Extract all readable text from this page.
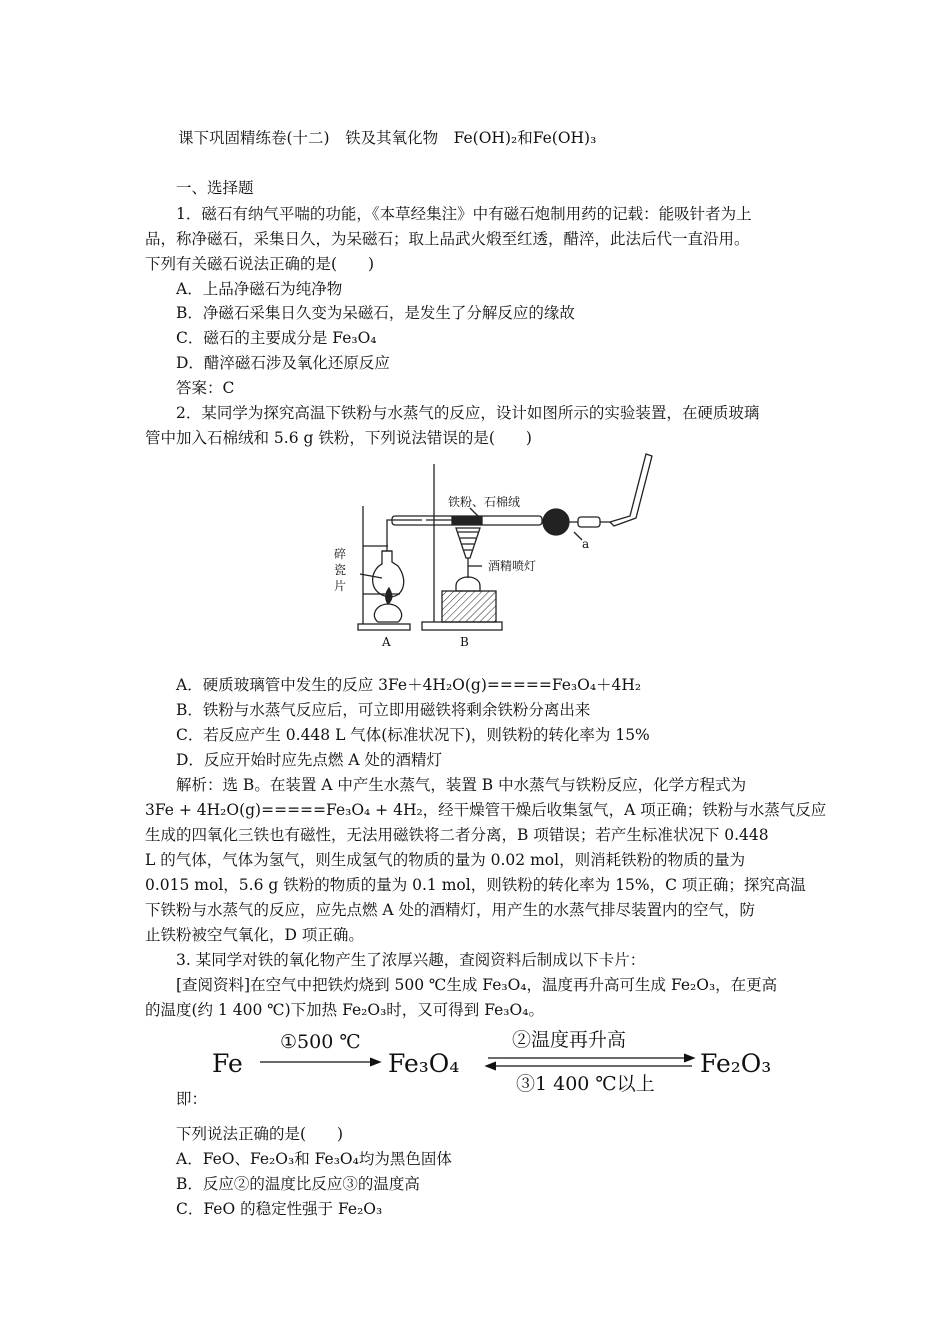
课下巩固精练卷(十二)　铁及其氧化物　Fe(OH)₂和Fe(OH)₃
一、选择题
1．磁石有纳气平喘的功能，《本草经集注》中有磁石炮制用药的记载：能吸针者为上
品，称净磁石，采集日久，为呆磁石；取上品武火煅至红透，醋淬，此法后代一直沿用。
下列有关磁石说法正确的是(　　)
A．上品净磁石为纯净物
B．净磁石采集日久变为呆磁石，是发生了分解反应的缘故
C．磁石的主要成分是 Fe₃O₄
D．醋淬磁石涉及氧化还原反应
答案：C
2．某同学为探究高温下铁粉与水蒸气的反应，设计如图所示的实验装置，在硬质玻璃
管中加入石棉绒和 5.6 g 铁粉，下列说法错误的是(　　)
铁粉、石棉绒
碎
瓷
片
酒精喷灯
a
A	B
A．硬质玻璃管中发生的反应 3Fe＋4H₂O(g)=====Fe₃O₄＋4H₂
B．铁粉与水蒸气反应后，可立即用磁铁将剩余铁粉分离出来
C．若反应产生 0.448 L 气体(标准状况下)，则铁粉的转化率为 15%
D．反应开始时应先点燃 A 处的酒精灯
解析：选 B。在装置 A 中产生水蒸气，装置 B 中水蒸气与铁粉反应，化学方程式为
3Fe + 4H₂O(g)=====Fe₃O₄ + 4H₂，经干燥管干燥后收集氢气，A 项正确；铁粉与水蒸气反应
生成的四氧化三铁也有磁性，无法用磁铁将二者分离，B 项错误；若产生标准状况下 0.448
L 的气体，气体为氢气，则生成氢气的物质的量为 0.02 mol，则消耗铁粉的物质的量为
0.015 mol，5.6 g 铁粉的物质的量为 0.1 mol，则铁粉的转化率为 15%，C 项正确；探究高温
下铁粉与水蒸气的反应，应先点燃 A 处的酒精灯，用产生的水蒸气排尽装置内的空气，防
止铁粉被空气氧化，D 项正确。
3. 某同学对铁的氧化物产生了浓厚兴趣，查阅资料后制成以下卡片：
[查阅资料]在空气中把铁灼烧到 500 ℃生成 Fe₃O₄，温度再升高可生成 Fe₂O₃，在更高
的温度(约 1 400 ℃)下加热 Fe₂O₃时，又可得到 Fe₃O₄。
Fe
①500 ℃
Fe₃O₄
②温度再升高
③1 400 ℃以上
Fe₂O₃
即：
下列说法正确的是(　　)
A．FeO、Fe₂O₃和 Fe₃O₄均为黑色固体
B．反应②的温度比反应③的温度高
C．FeO 的稳定性强于 Fe₂O₃
